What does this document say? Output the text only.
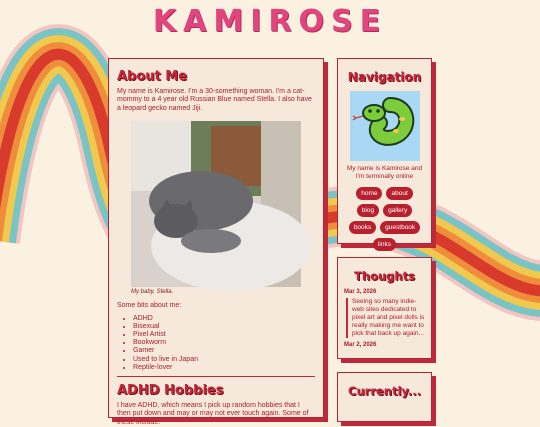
KAMIROSE
About Me

My name is Kamirose. I'm a 30-something woman. I'm a cat-mommy to a 4 year old Russian Blue named Stella. I also have a leopard gecko named Jiji.

My baby, Stella.

Some bits about me:

• ADHD
• Bisexual
• Pixel Artist
• Bookworm
• Gamer
• Used to live in Japan
• Reptile-lover
ADHD Hobbies

I have ADHD, which means I pick up random hobbies that I then put down and may or may not ever touch again. Some of these include:

Navigation
My name is Kamirose and I'm terminally online
home	about
blog	gallery
books	guestbook
links
Thoughts
Mar 3, 2026
Seeing so many indie-web sites dedicated to pixel art and pixel dolls is really making me want to pick that back up again...
Mar 2, 2026
Currently...
